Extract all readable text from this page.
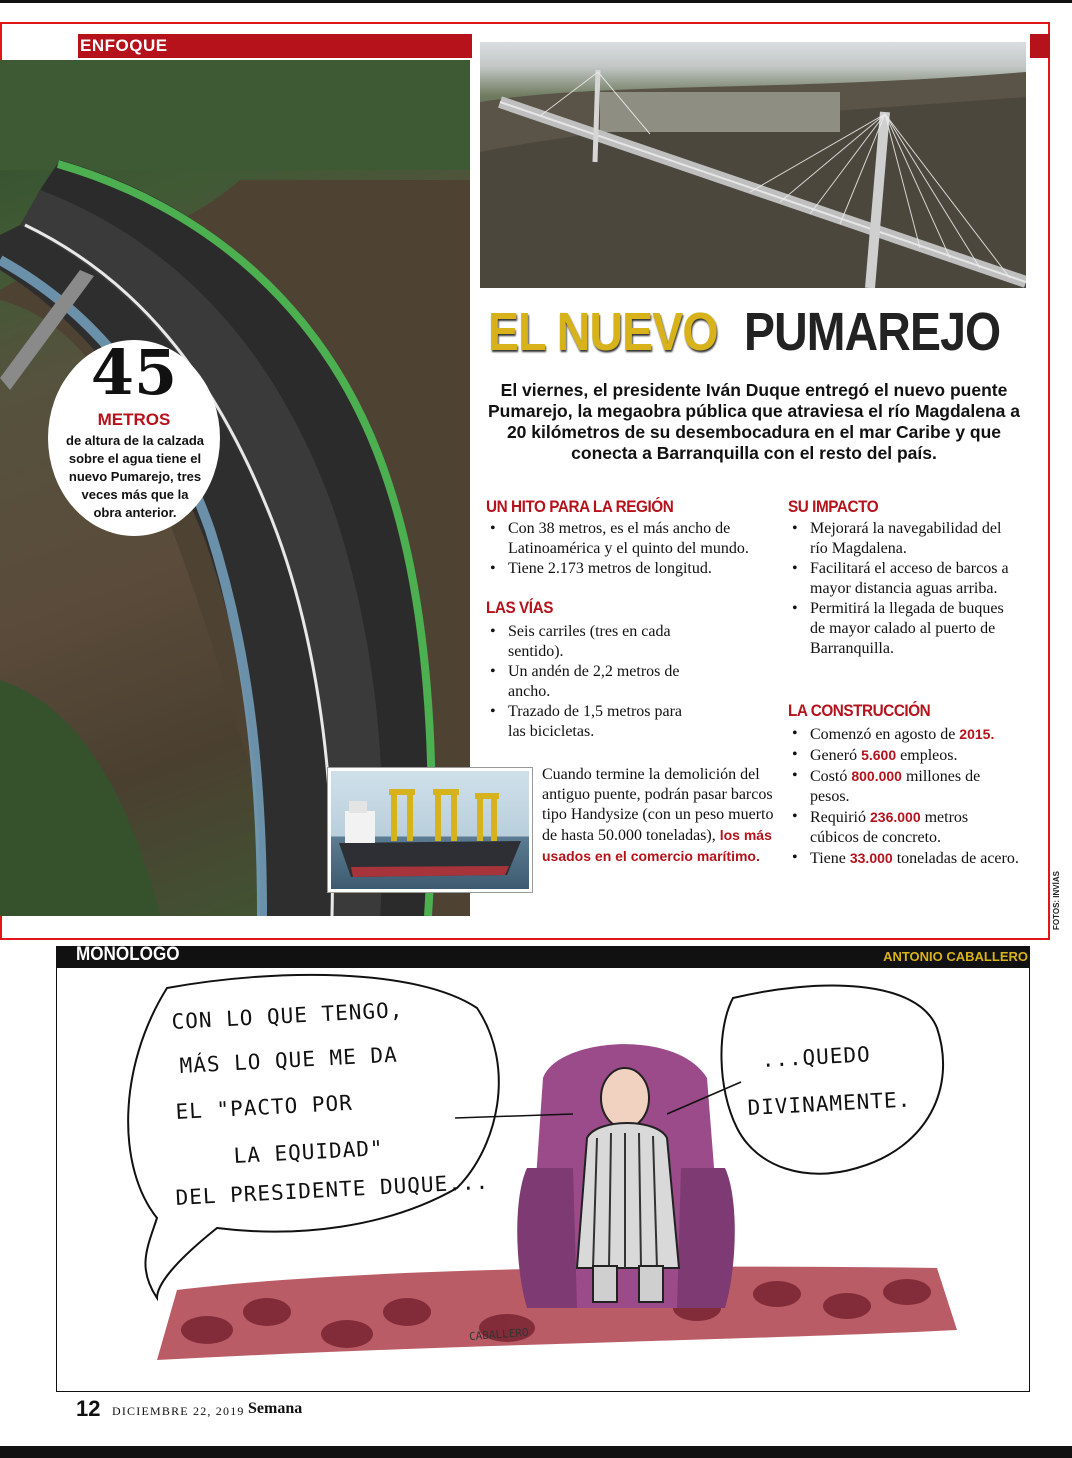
ENFOQUE
EL NUEVO PUMAREJO
El viernes, el presidente Iván Duque entregó el nuevo puente Pumarejo, la megaobra pública que atraviesa el río Magdalena a 20 kilómetros de su desembocadura en el mar Caribe y que conecta a Barranquilla con el resto del país.
UN HITO PARA LA REGIÓN
• Con 38 metros, es el más ancho de Latinoamérica y el quinto del mundo.
• Tiene 2.173 metros de longitud.
LAS VÍAS
• Seis carriles (tres en cada sentido).
• Un andén de 2,2 metros de ancho.
• Trazado de 1,5 metros para las bicicletas.
SU IMPACTO
• Mejorará la navegabilidad del río Magdalena.
• Facilitará el acceso de barcos a mayor distancia aguas arriba.
• Permitirá la llegada de buques de mayor calado al puerto de Barranquilla.
LA CONSTRUCCIÓN
• Comenzó en agosto de 2015.
• Generó 5.600 empleos.
• Costó 800.000 millones de pesos.
• Requirió 236.000 metros cúbicos de concreto.
• Tiene 33.000 toneladas de acero.
45
METROS
de altura de la calzada sobre el agua tiene el nuevo Pumarejo, tres veces más que la obra anterior.
Cuando termine la demolición del antiguo puente, podrán pasar barcos tipo Handysize (con un peso muerto de hasta 50.000 toneladas), los más usados en el comercio marítimo.
FOTOS: INVÍAS
MONOLOGO	ANTONIO CABALLERO
CON LO QUE TENGO,
MÁS LO QUE ME DA
EL "PACTO POR
LA EQUIDAD"
DEL PRESIDENTE DUQUE...
...QUEDO
DIVINAMENTE.
CABALLERO
12 DICIEMBRE 22, 2019 Semana
